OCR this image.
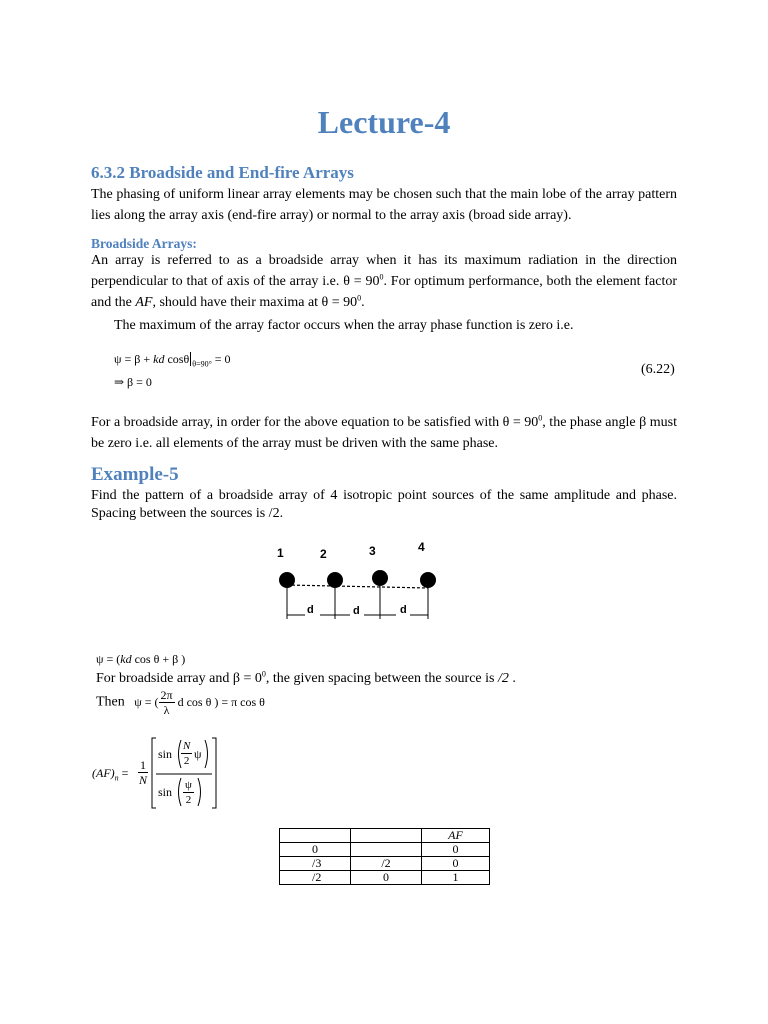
Lecture-4
6.3.2 Broadside and End-fire Arrays
The phasing of uniform linear array elements may be chosen such that the main lobe of the array pattern lies along the array axis (end-fire array) or normal to the array axis (broad side array).
Broadside Arrays:
An array is referred to as a broadside array when it has its maximum radiation in the direction perpendicular to that of axis of the array i.e. $\theta = 90^0$. For optimum performance, both the element factor and the AF, should have their maxima at $\theta = 90^0$.
The maximum of the array factor occurs when the array phase function is zero i.e.
ψ = β + kd cosθ $_{\theta=90^\circ}$ = 0
⇒ β = 0
(6.22)
For a broadside array, in order for the above equation to be satisfied with $\theta = 90^0$, the phase angle β must be zero i.e. all elements of the array must be driven with the same phase.
Example-5
Find the pattern of a broadside array of 4 isotropic point sources of the same amplitude and phase. Spacing between the sources is /2.
1	2	3	4
d	d	d
ψ = (kd cos θ + β )
For broadside array and $\beta = 0^0$, the given spacing between the source is /2 .
Then ψ = ( $\frac{2\pi}{\lambda}$ d cos θ ) = π cos θ
$(AF)_n = \frac{1}{N}$
$\sin \frac{N}{2}$ ψ
$\sin \frac{\psi}{2}$
		AF
0		0
/3	/2	0
/2	0	1
